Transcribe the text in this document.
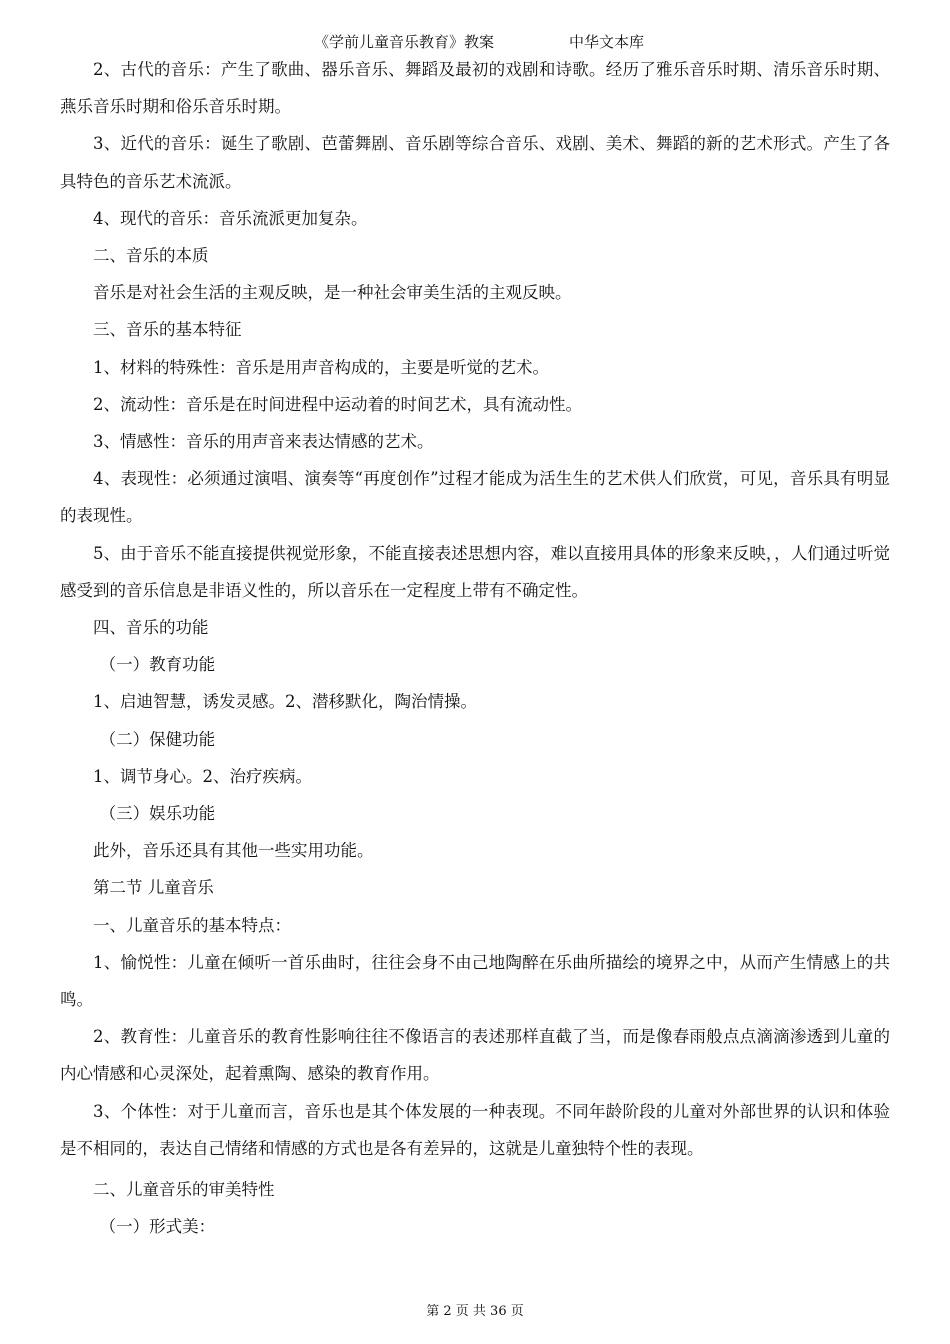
《学前儿童音乐教育》教案	中华文本库

2、古代的音乐：产生了歌曲、器乐音乐、舞蹈及最初的戏剧和诗歌。经历了雅乐音乐时期、清乐音乐时期、燕乐音乐时期和俗乐音乐时期。

3、近代的音乐：诞生了歌剧、芭蕾舞剧、音乐剧等综合音乐、戏剧、美术、舞蹈的新的艺术形式。产生了各具特色的音乐艺术流派。

4、现代的音乐：音乐流派更加复杂。

二、音乐的本质

音乐是对社会生活的主观反映，是一种社会审美生活的主观反映。

三、音乐的基本特征

1、材料的特殊性：音乐是用声音构成的，主要是听觉的艺术。

2、流动性：音乐是在时间进程中运动着的时间艺术，具有流动性。

3、情感性：音乐的用声音来表达情感的艺术。

4、表现性：必须通过演唱、演奏等“再度创作”过程才能成为活生生的艺术供人们欣赏，可见，音乐具有明显的表现性。

5、由于音乐不能直接提供视觉形象，不能直接表述思想内容，难以直接用具体的形象来反映，，人们通过听觉感受到的音乐信息是非语义性的，所以音乐在一定程度上带有不确定性。

四、音乐的功能

（一）教育功能

1、启迪智慧，诱发灵感。2、潜移默化，陶治情操。

（二）保健功能

1、调节身心。2、治疗疾病。

（三）娱乐功能

此外，音乐还具有其他一些实用功能。

第二节 儿童音乐

一、儿童音乐的基本特点：

1、愉悦性：儿童在倾听一首乐曲时，往往会身不由己地陶醉在乐曲所描绘的境界之中，从而产生情感上的共鸣。

2、教育性：儿童音乐的教育性影响往往不像语言的表述那样直截了当，而是像春雨般点点滴滴渗透到儿童的内心情感和心灵深处，起着熏陶、感染的教育作用。

3、个体性：对于儿童而言，音乐也是其个体发展的一种表现。不同年龄阶段的儿童对外部世界的认识和体验是不相同的，表达自己情绪和情感的方式也是各有差异的，这就是儿童独特个性的表现。

二、儿童音乐的审美特性

（一）形式美：

第 2 页 共 36 页
